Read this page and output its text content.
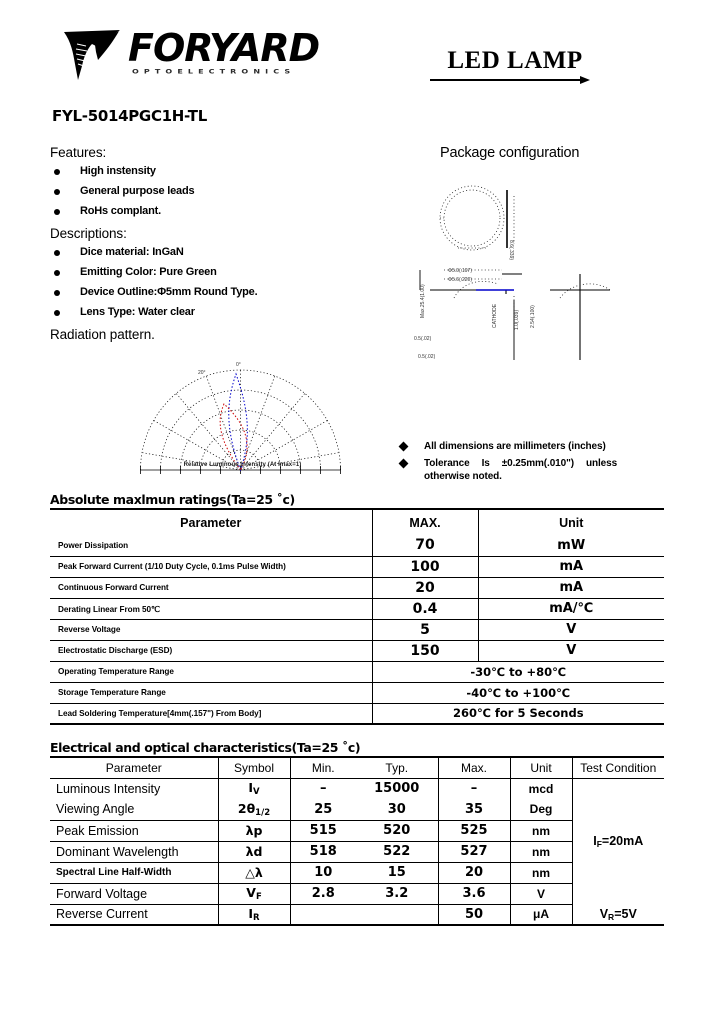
FORYARD
OPTOELECTRONICS	LED LAMP
FYL-5014PGC1H-TL
Features:
High instensity
General purpose leads
RoHs complant.
Descriptions:
Dice material: InGaN
Emitting Color: Pure Green
Device Outline:Φ5mm Round Type.
Lens Type: Water clear
Radiation pattern.
20°
0°
Relative Luminous Intensity (At Imax=1)
Package configuration
Φ5.0(.197)
Φ5.6(.220)
8.6(.339)
Max.25.4(1.00)	CATHODE	1.0(.039) 2.54(.100)
0.5(.02)
0.5(.02)
All dimensions are millimeters (inches)
Tolerance Is ±0.25mm(.010") unless
otherwise noted.
Absolute maxlmun ratings(Ta=25 ˚c)
Parameter	MAX.	Unit
Power Dissipation	70	mW
Peak Forward Current (1/10 Duty Cycle, 0.1ms Pulse Width)	100	mA
Continuous Forward Current	20	mA
Derating Linear From 50℃	0.4	mA/℃
Reverse Voltage	5	V
Electrostatic Discharge (ESD)	150	V
Operating Temperature Range	-30℃ to +80℃	
Storage Temperature Range	-40℃ to +100℃	
Lead Soldering Temperature[4mm(.157") From Body]	260℃ for 5 Seconds	
Electrical and optical characteristics(Ta=25 ˚c)
Parameter	Symbol	Min.	Typ.	Max.	Unit	Test Condition
Luminous Intensity	$I_V$	–	15000	–	mcd	$I_F=20mA$
Viewing Angle	$2\theta_{1/2}$	25	30	35	Deg	
Peak Emission	λp	515	520	525	nm	
Dominant Wavelength	λd	518	522	527	nm	
Spectral Line Half-Width	△λ	10	15	20	nm	
Forward Voltage	$V_F$	2.8	3.2	3.6	V	
Reverse Current	$I_R$			50	μA	$V_R=5V$
